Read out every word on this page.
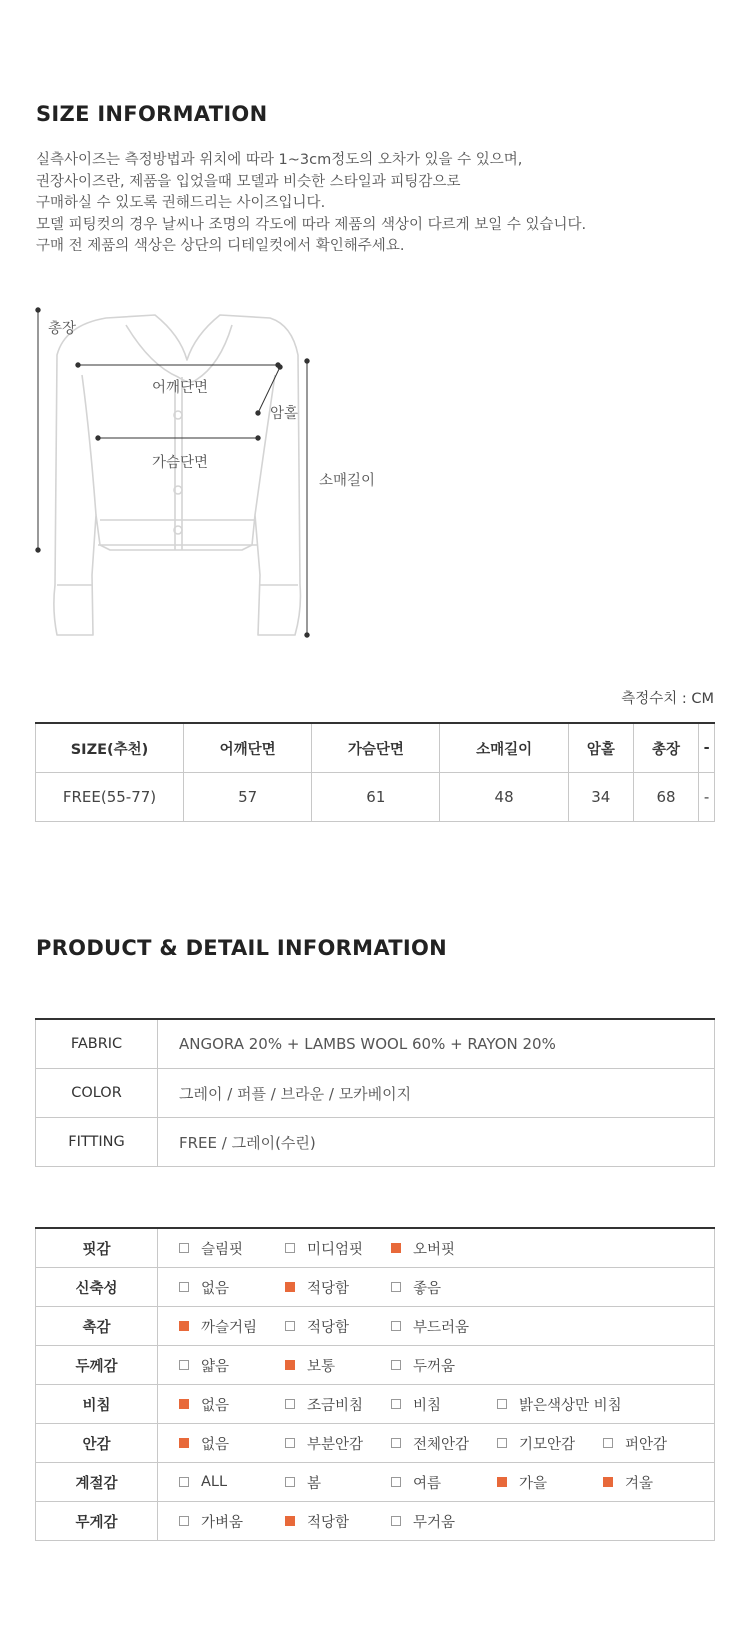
SIZE INFORMATION
실측사이즈는 측정방법과 위치에 따라 1~3cm정도의 오차가 있을 수 있으며,
권장사이즈란, 제품을 입었을때 모델과 비슷한 스타일과 피팅감으로
구매하실 수 있도록 권해드리는 사이즈입니다.
모델 피팅컷의 경우 날씨나 조명의 각도에 따라 제품의 색상이 다르게 보일 수 있습니다.
구매 전 제품의 색상은 상단의 디테일컷에서 확인해주세요.
총장
어깨단면
암홀
가슴단면
소매길이
측정수치 : CM
SIZE(추천)	어깨단면	가슴단면	소매길이	암홀	총장	-
FREE(55-77)	57	61	48	34	68	-
PRODUCT & DETAIL INFORMATION
FABRIC	ANGORA 20% + LAMBS WOOL 60% + RAYON 20%
COLOR	그레이 / 퍼플 / 브라운 / 모카베이지
FITTING	FREE / 그레이(수린)
핏감	슬림핏 미디엄핏 오버핏

신축성	없음 적당함 좋음

촉감	까슬거림 적당함 부드러움

두께감	얇음 보통 두꺼움

비침	없음 조금비침 비침 밝은색상만 비침

안감	없음 부분안감 전체안감 기모안감 퍼안감

계절감	ALL 봄 여름 가을 겨울

무게감	가벼움 적당함 무거움
